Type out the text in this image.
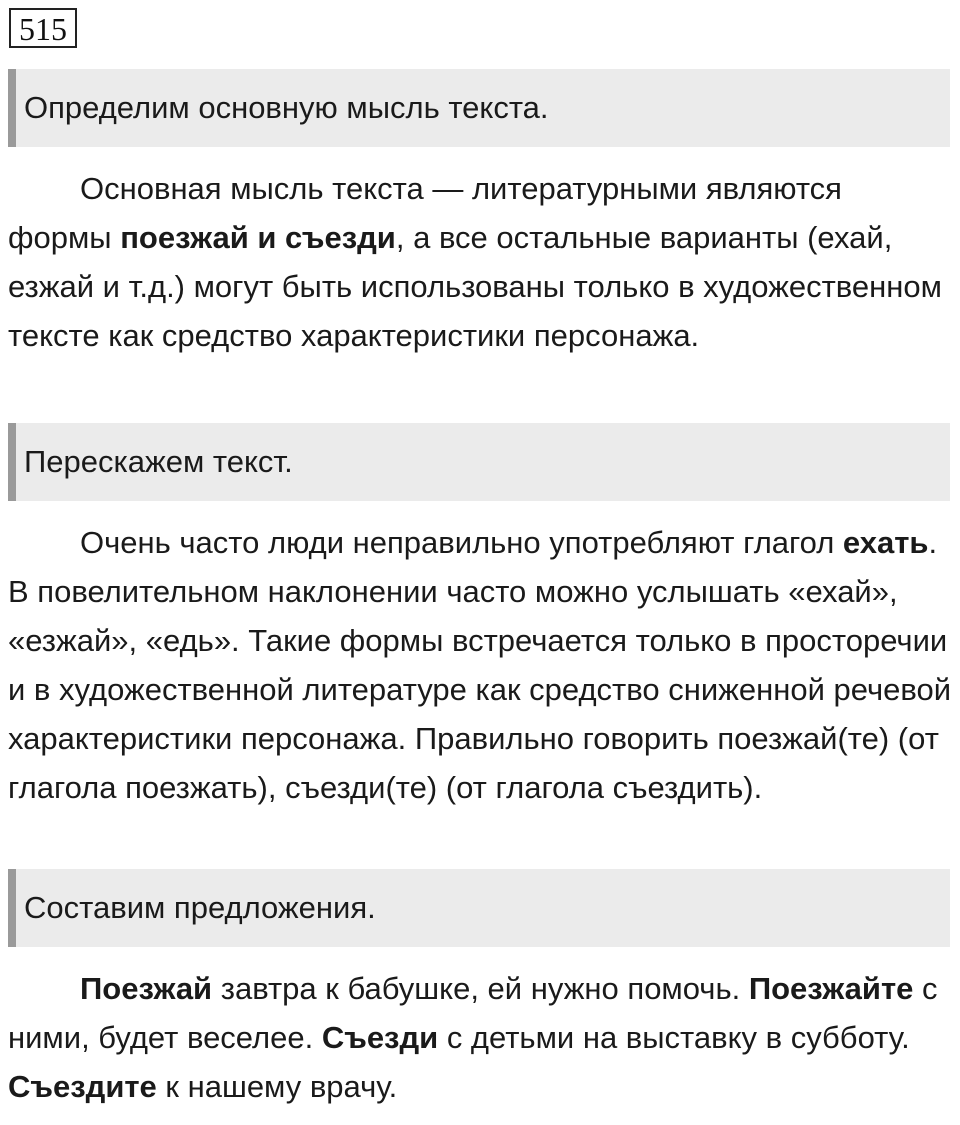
515
Определим основную мысль текста.

Основная мысль текста — литературными являются формы поезжай и съезди, а все остальные варианты (ехай, езжай и т.д.) могут быть использованы только в художественном тексте как средство характеристики персонажа.

Перескажем текст.

Очень часто люди неправильно употребляют глагол ехать. В повелительном наклонении часто можно услышать «ехай», «езжай», «едь». Такие формы встречается только в просторечии и в художественной литературе как средство сниженной речевой характеристики персонажа. Правильно говорить поезжай(те) (от глагола поезжать), съезди(те) (от глагола съездить).

Составим предложения.

Поезжай завтра к бабушке, ей нужно помочь. Поезжайте с ними, будет веселее. Съезди с детьми на выставку в субботу. Съездите к нашему врачу.
